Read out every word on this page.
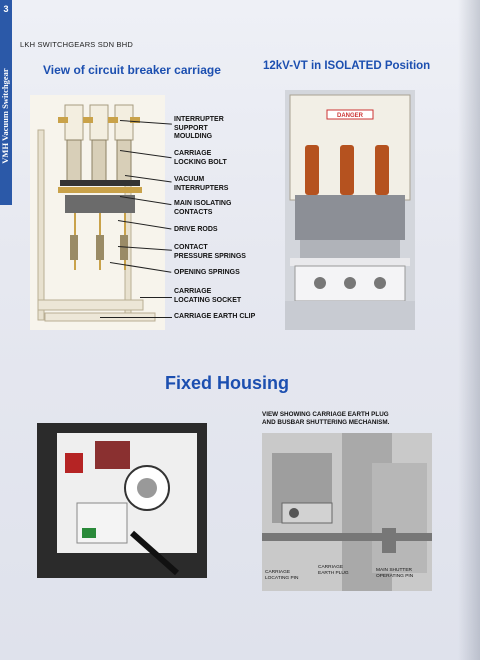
3
VMH Vacuum Switchgear
LKH SWITCHGEARS SDN BHD
View of circuit breaker carriage	12kV-VT in ISOLATED Position
INTERRUPTER
SUPPORT
MOULDING
CARRIAGE
LOCKING BOLT
VACUUM
INTERRUPTERS
MAIN ISOLATING
CONTACTS
DRIVE RODS
CONTACT
PRESSURE SPRINGS
OPENING SPRINGS
CARRIAGE
LOCATING SOCKET
CARRIAGE EARTH CLIP
DANGER
Fixed Housing
VIEW SHOWING CARRIAGE EARTH PLUG
AND BUSBAR SHUTTERING MECHANISM.
CARRIAGE
LOCATING PIN
CARRIAGE
EARTH PLUG
MAIN SHUTTER
OPERATING PIN
